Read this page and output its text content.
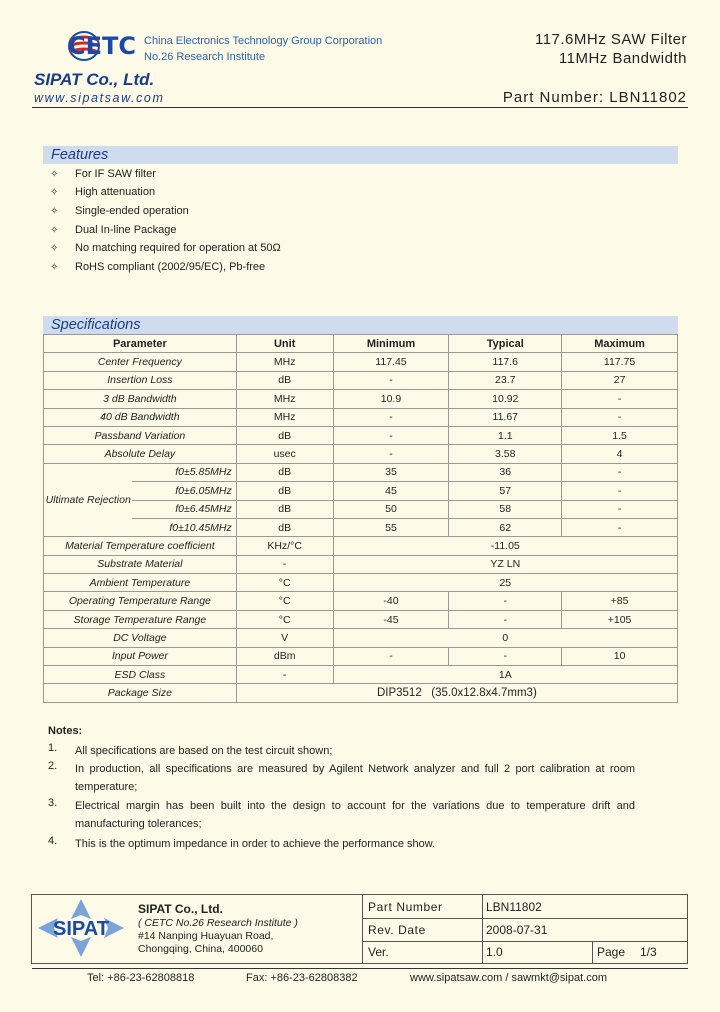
CETC China Electronics Technology Group Corporation
No.26 Research Institute
SIPAT Co., Ltd.
www.sipatsaw.com
117.6MHz SAW Filter
11MHz Bandwidth
Part Number: LBN11802
Features
✧ For IF SAW filter
✧ High attenuation
✧ Single-ended operation
✧ Dual In-line Package
✧ No matching required for operation at 50Ω
✧ RoHS compliant (2002/95/EC), Pb-free
Specifications
Parameter		Unit	Minimum	Typical	Maximum
Center Frequency		MHz	117.45	117.6	117.75
Insertion Loss		dB	-	23.7	27
3 dB Bandwidth		MHz	10.9	10.92	-
40 dB Bandwidth		MHz	-	11.67	-
Passband Variation		dB	-	1.1	1.5
Absolute Delay		usec	-	3.58	4
Ultimate Rejection	f0±5.85MHz	dB	35	36	-
	f0±6.05MHz	dB	45	57	-
	f0±6.45MHz	dB	50	58	-
	f0±10.45MHz	dB	55	62	-
Material Temperature coefficient		KHz/°C	-11.05		
Substrate Material		-	YZ LN		
Ambient Temperature		°C	25		
Operating Temperature Range		°C	-40	-	+85
Storage Temperature Range		°C	-45	-	+105
DC Voltage		V	0		
Input Power		dBm	-	-	10
ESD Class		-	1A		
Package Size		DIP3512   (35.0x12.8x4.7mm3)			
Notes:
1. All specifications are based on the test circuit shown;
2. In production, all specifications are measured by Agilent Network analyzer and full 2 port calibration at room temperature;
3. Electrical margin has been built into the design to account for the variations due to temperature drift and manufacturing tolerances;
4. This is the optimum impedance in order to achieve the performance show.
SIPAT
SIPAT Co., Ltd.
( CETC No.26 Research Institute )
#14 Nanping Huayuan Road,
Chongqing, China, 400060
Part Number	LBN11802
Rev. Date	2008-07-31
Ver.	1.0	Page 1/3
Tel: +86-23-62808818	Fax: +86-23-62808382	www.sipatsaw.com / sawmkt@sipat.com
